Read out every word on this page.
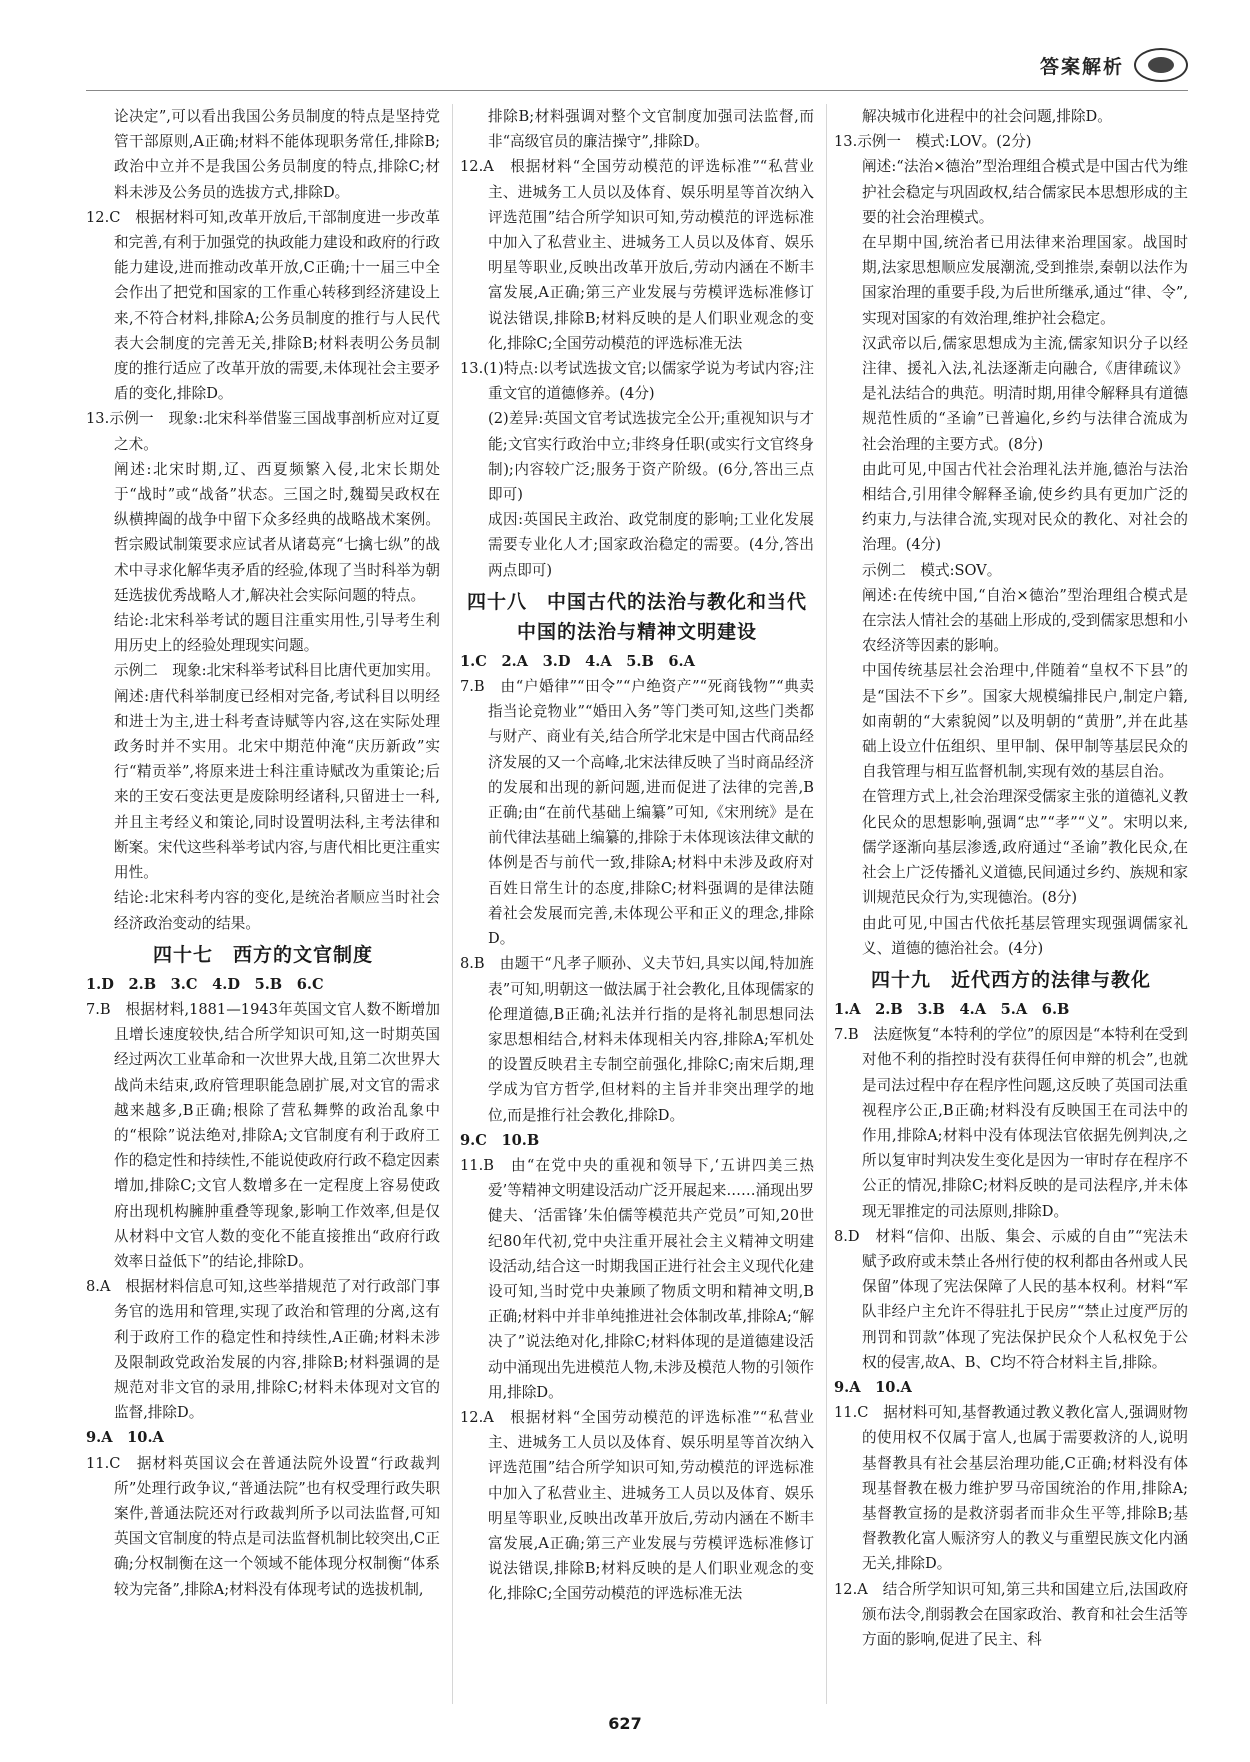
答案解析

论决定”,可以看出我国公务员制度的特点是坚持党管干部原则,A正确;材料不能体现职务常任,排除B;政治中立并不是我国公务员制度的特点,排除C;材料未涉及公务员的选拔方式,排除D。

12.C　根据材料可知,改革开放后,干部制度进一步改革和完善,有利于加强党的执政能力建设和政府的行政能力建设,进而推动改革开放,C正确;十一届三中全会作出了把党和国家的工作重心转移到经济建设上来,不符合材料,排除A;公务员制度的推行与人民代表大会制度的完善无关,排除B;材料表明公务员制度的推行适应了改革开放的需要,未体现社会主要矛盾的变化,排除D。

13.示例一　现象:北宋科举借鉴三国战事剖析应对辽夏之术。

阐述:北宋时期,辽、西夏频繁入侵,北宋长期处于“战时”或“战备”状态。三国之时,魏蜀吴政权在纵横捭阖的战争中留下众多经典的战略战术案例。哲宗殿试制策要求应试者从诸葛亮“七擒七纵”的战术中寻求化解华夷矛盾的经验,体现了当时科举为朝廷选拔优秀战略人才,解决社会实际问题的特点。

结论:北宋科举考试的题目注重实用性,引导考生利用历史上的经验处理现实问题。

示例二　现象:北宋科举考试科目比唐代更加实用。

阐述:唐代科举制度已经相对完备,考试科目以明经和进士为主,进士科考查诗赋等内容,这在实际处理政务时并不实用。北宋中期范仲淹“庆历新政”实行“精贡举”,将原来进士科注重诗赋改为重策论;后来的王安石变法更是废除明经诸科,只留进士一科,并且主考经义和策论,同时设置明法科,主考法律和断案。宋代这些科举考试内容,与唐代相比更注重实用性。

结论:北宋科考内容的变化,是统治者顺应当时社会经济政治变动的结果。

四十七　西方的文官制度

1.D　2.B　3.C　4.D　5.B　6.C

7.B　根据材料,1881—1943年英国文官人数不断增加且增长速度较快,结合所学知识可知,这一时期英国经过两次工业革命和一次世界大战,且第二次世界大战尚未结束,政府管理职能急剧扩展,对文官的需求越来越多,B正确;根除了营私舞弊的政治乱象中的“根除”说法绝对,排除A;文官制度有利于政府工作的稳定性和持续性,不能说使政府行政不稳定因素增加,排除C;文官人数增多在一定程度上容易使政府出现机构臃肿重叠等现象,影响工作效率,但是仅从材料中文官人数的变化不能直接推出“政府行政效率日益低下”的结论,排除D。

8.A　根据材料信息可知,这些举措规范了对行政部门事务官的选用和管理,实现了政治和管理的分离,这有利于政府工作的稳定性和持续性,A正确;材料未涉及限制政党政治发展的内容,排除B;材料强调的是规范对非文官的录用,排除C;材料未体现对文官的监督,排除D。

9.A　10.A

11.C　据材料英国议会在普通法院外设置“行政裁判所”处理行政争议,“普通法院”也有权受理行政失职案件,普通法院还对行政裁判所予以司法监督,可知英国文官制度的特点是司法监督机制比较突出,C正确;分权制衡在这一个领域不能体现分权制衡“体系较为完备”,排除A;材料没有体现考试的选拔机制,

排除B;材料强调对整个文官制度加强司法监督,而非“高级官员的廉洁操守”,排除D。

12.A　根据材料“全国劳动模范的评选标准”“私营业主、进城务工人员以及体育、娱乐明星等首次纳入评选范围”结合所学知识可知,劳动模范的评选标准中加入了私营业主、进城务工人员以及体育、娱乐明星等职业,反映出改革开放后,劳动内涵在不断丰富发展,A正确;第三产业发展与劳模评选标准修订说法错误,排除B;材料反映的是人们职业观念的变化,排除C;全国劳动模范的评选标准无法

13.(1)特点:以考试选拔文官;以儒家学说为考试内容;注重文官的道德修养。(4分)

(2)差异:英国文官考试选拔完全公开;重视知识与才能;文官实行政治中立;非终身任职(或实行文官终身制);内容较广泛;服务于资产阶级。(6分,答出三点即可)

成因:英国民主政治、政党制度的影响;工业化发展需要专业化人才;国家政治稳定的需要。(4分,答出两点即可)

四十八　中国古代的法治与教化和当代中国的法治与精神文明建设

1.C　2.A　3.D　4.A　5.B　6.A

7.B　由“户婚律”“田令”“户绝资产”“死商钱物”“典卖指当论竞物业”“婚田入务”等门类可知,这些门类都与财产、商业有关,结合所学北宋是中国古代商品经济发展的又一个高峰,北宋法律反映了当时商品经济的发展和出现的新问题,进而促进了法律的完善,B正确;由“在前代基础上编纂”可知,《宋刑统》是在前代律法基础上编纂的,排除于未体现该法律文献的体例是否与前代一致,排除A;材料中未涉及政府对百姓日常生计的态度,排除C;材料强调的是律法随着社会发展而完善,未体现公平和正义的理念,排除D。

8.B　由题干“凡孝子顺孙、义夫节妇,具实以闻,特加旌表”可知,明朝这一做法属于社会教化,且体现儒家的伦理道德,B正确;礼法并行指的是将礼制思想同法家思想相结合,材料未体现相关内容,排除A;军机处的设置反映君主专制空前强化,排除C;南宋后期,理学成为官方哲学,但材料的主旨并非突出理学的地位,而是推行社会教化,排除D。

9.C　10.B

11.B　由“在党中央的重视和领导下,‘五讲四美三热爱’等精神文明建设活动广泛开展起来……涌现出罗健夫、‘活雷锋’朱伯儒等模范共产党员”可知,20世纪80年代初,党中央注重开展社会主义精神文明建设活动,结合这一时期我国正进行社会主义现代化建设可知,当时党中央兼顾了物质文明和精神文明,B正确;材料中并非单纯推进社会体制改革,排除A;“解决了”说法绝对化,排除C;材料体现的是道德建设活动中涌现出先进模范人物,未涉及模范人物的引领作用,排除D。

12.A　根据材料“全国劳动模范的评选标准”“私营业主、进城务工人员以及体育、娱乐明星等首次纳入评选范围”结合所学知识可知,劳动模范的评选标准中加入了私营业主、进城务工人员以及体育、娱乐明星等职业,反映出改革开放后,劳动内涵在不断丰富发展,A正确;第三产业发展与劳模评选标准修订说法错误,排除B;材料反映的是人们职业观念的变化,排除C;全国劳动模范的评选标准无法

解决城市化进程中的社会问题,排除D。

13.示例一　模式:LOV。(2分)

阐述:“法治×德治”型治理组合模式是中国古代为维护社会稳定与巩固政权,结合儒家民本思想形成的主要的社会治理模式。

在早期中国,统治者已用法律来治理国家。战国时期,法家思想顺应发展潮流,受到推崇,秦朝以法作为国家治理的重要手段,为后世所继承,通过“律、令”,实现对国家的有效治理,维护社会稳定。

汉武帝以后,儒家思想成为主流,儒家知识分子以经注律、援礼入法,礼法逐渐走向融合,《唐律疏议》是礼法结合的典范。明清时期,用律令解释具有道德规范性质的“圣谕”已普遍化,乡约与法律合流成为社会治理的主要方式。(8分)

由此可见,中国古代社会治理礼法并施,德治与法治相结合,引用律令解释圣谕,使乡约具有更加广泛的约束力,与法律合流,实现对民众的教化、对社会的治理。(4分)

示例二　模式:SOV。

阐述:在传统中国,“自治×德治”型治理组合模式是在宗法人情社会的基础上形成的,受到儒家思想和小农经济等因素的影响。

中国传统基层社会治理中,伴随着“皇权不下县”的是“国法不下乡”。国家大规模编排民户,制定户籍,如南朝的“大索貌阅”以及明朝的“黄册”,并在此基础上设立什伍组织、里甲制、保甲制等基层民众的自我管理与相互监督机制,实现有效的基层自治。

在管理方式上,社会治理深受儒家主张的道德礼义教化民众的思想影响,强调“忠”“孝”“义”。宋明以来,儒学逐渐向基层渗透,政府通过“圣谕”教化民众,在社会上广泛传播礼义道德,民间通过乡约、族规和家训规范民众行为,实现德治。(8分)

由此可见,中国古代依托基层管理实现强调儒家礼义、道德的德治社会。(4分)

四十九　近代西方的法律与教化

1.A　2.B　3.B　4.A　5.A　6.B

7.B　法庭恢复“本特利的学位”的原因是“本特利在受到对他不利的指控时没有获得任何申辩的机会”,也就是司法过程中存在程序性问题,这反映了英国司法重视程序公正,B正确;材料没有反映国王在司法中的作用,排除A;材料中没有体现法官依据先例判决,之所以复审时判决发生变化是因为一审时存在程序不公正的情况,排除C;材料反映的是司法程序,并未体现无罪推定的司法原则,排除D。

8.D　材料“信仰、出版、集会、示威的自由”“宪法未赋予政府或未禁止各州行使的权利都由各州或人民保留”体现了宪法保障了人民的基本权利。材料“军队非经户主允许不得驻扎于民房”“禁止过度严厉的刑罚和罚款”体现了宪法保护民众个人私权免于公权的侵害,故A、B、C均不符合材料主旨,排除。

9.A　10.A

11.C　据材料可知,基督教通过教义教化富人,强调财物的使用权不仅属于富人,也属于需要救济的人,说明基督教具有社会基层治理功能,C正确;材料没有体现基督教在极力维护罗马帝国统治的作用,排除A;基督教宣扬的是救济弱者而非众生平等,排除B;基督教教化富人赈济穷人的教义与重塑民族文化内涵无关,排除D。

12.A　结合所学知识可知,第三共和国建立后,法国政府颁布法令,削弱教会在国家政治、教育和社会生活等方面的影响,促进了民主、科

627
